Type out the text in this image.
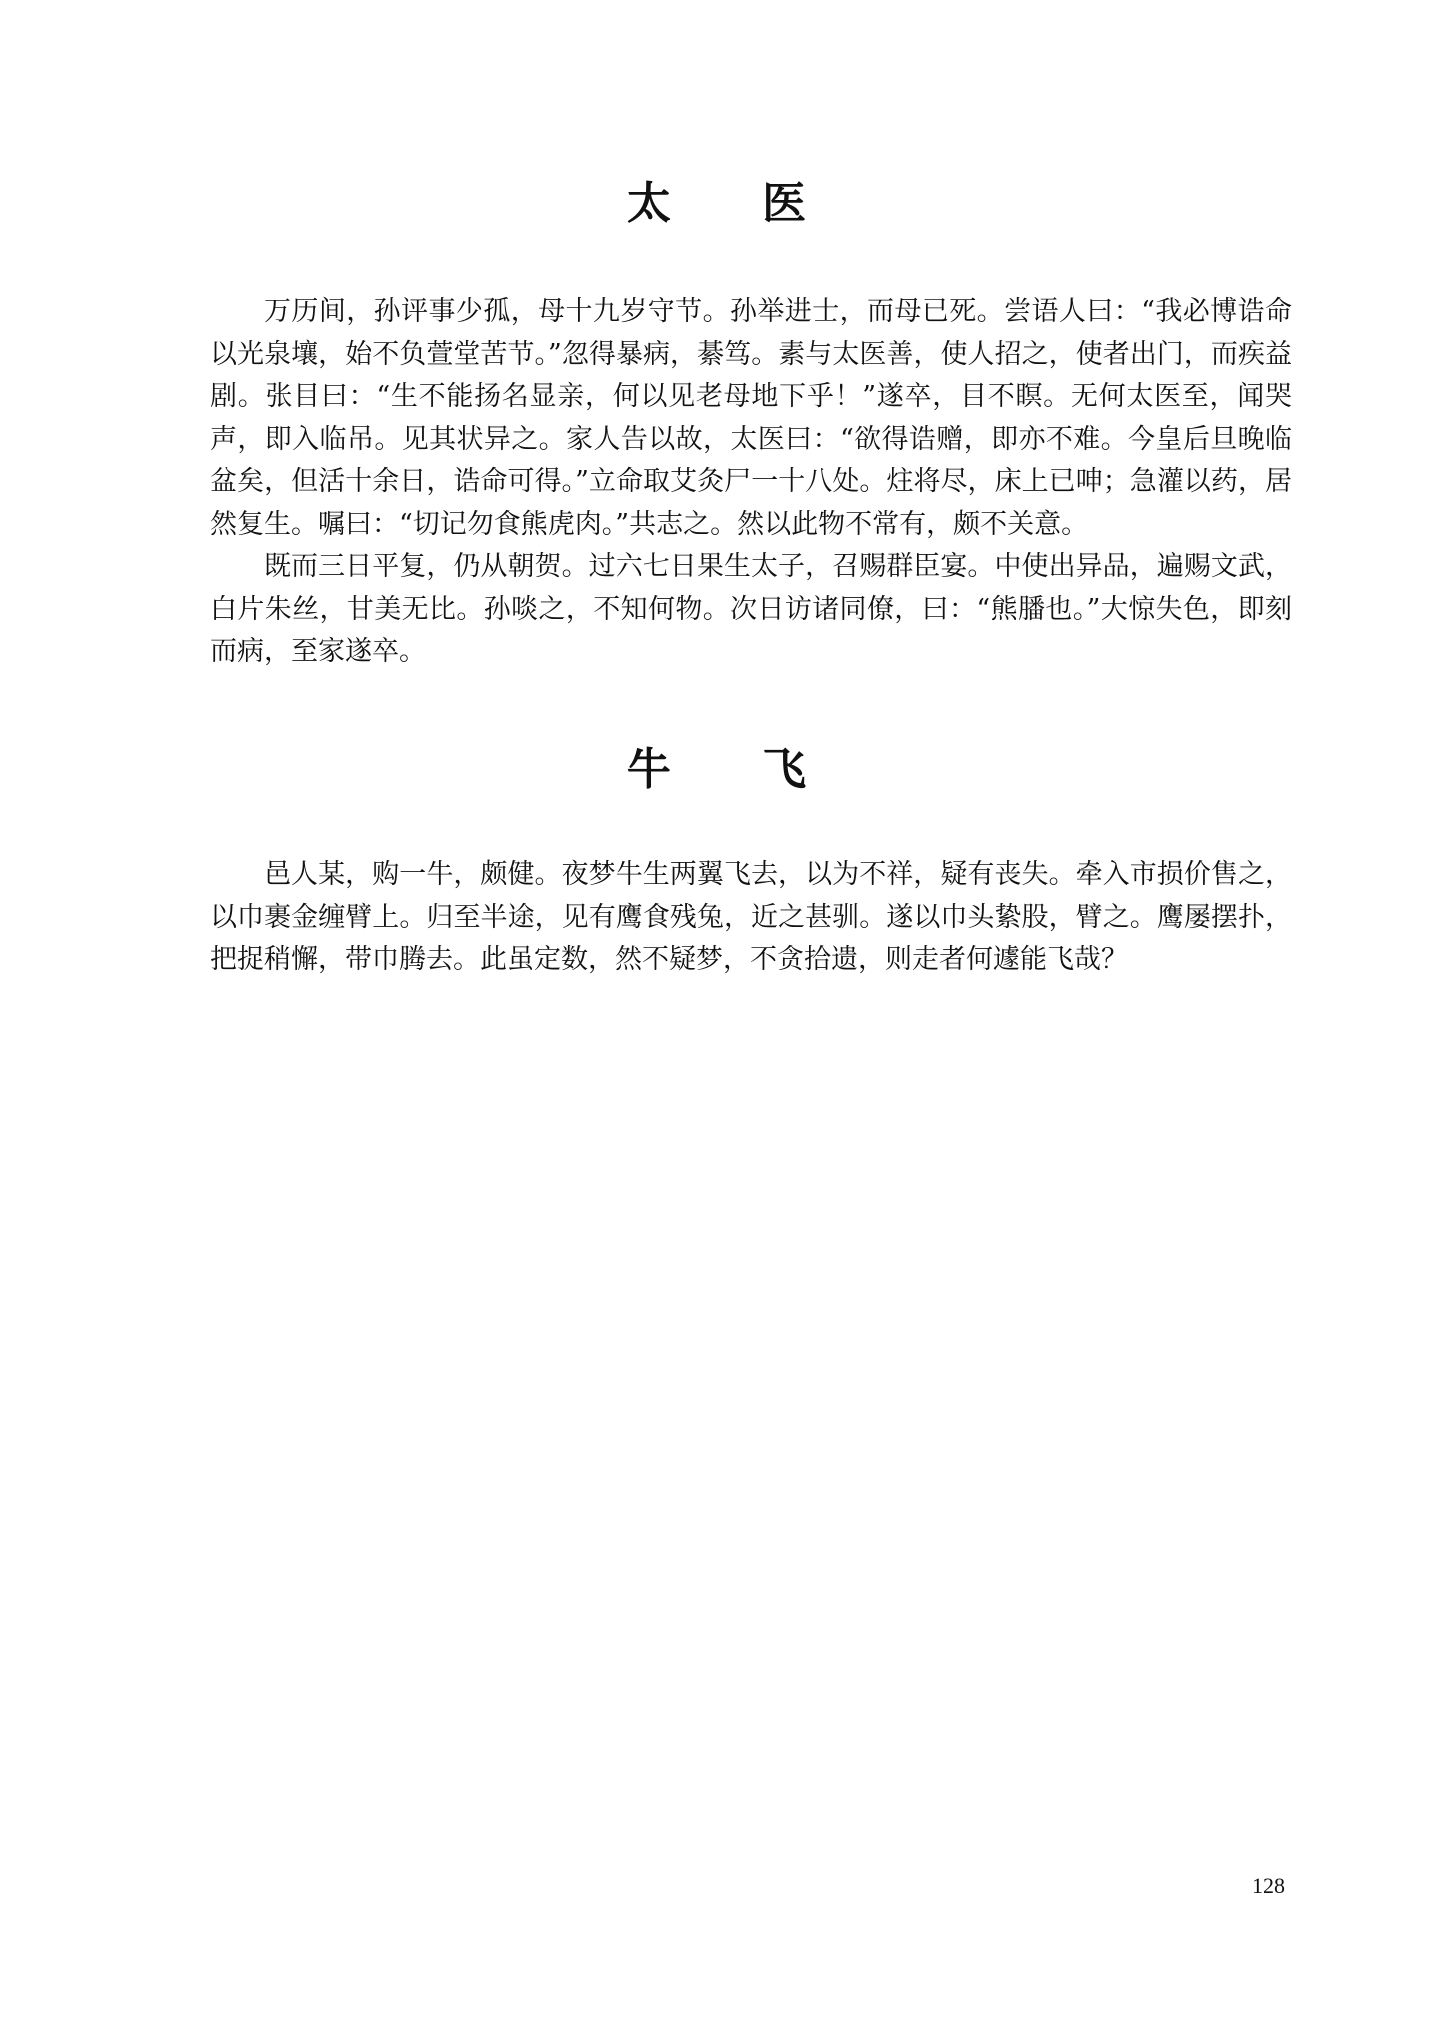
太 医

万历间，孙评事少孤，母十九岁守节。孙举进士，而母已死。尝语人曰：“我必博诰命以光泉壤，始不负萱堂苦节。”忽得暴病，綦笃。素与太医善，使人招之，使者出门，而疾益剧。张目曰：“生不能扬名显亲，何以见老母地下乎！”遂卒，目不瞑。无何太医至，闻哭声，即入临吊。见其状异之。家人告以故，太医曰：“欲得诰赠，即亦不难。今皇后旦晚临盆矣，但活十余日，诰命可得。”立命取艾灸尸一十八处。炷将尽，床上已呻；急灌以药，居然复生。嘱曰：“切记勿食熊虎肉。”共志之。然以此物不常有，颇不关意。

既而三日平复，仍从朝贺。过六七日果生太子，召赐群臣宴。中使出异品，遍赐文武，白片朱丝，甘美无比。孙啖之，不知何物。次日访诸同僚，曰：“熊膰也。”大惊失色，即刻而病，至家遂卒。

牛 飞

邑人某，购一牛，颇健。夜梦牛生两翼飞去，以为不祥，疑有丧失。牵入市损价售之，以巾裹金缠臂上。归至半途，见有鹰食残兔，近之甚驯。遂以巾头絷股，臂之。鹰屡摆扑，把捉稍懈，带巾腾去。此虽定数，然不疑梦，不贪拾遗，则走者何遽能飞哉？

128
